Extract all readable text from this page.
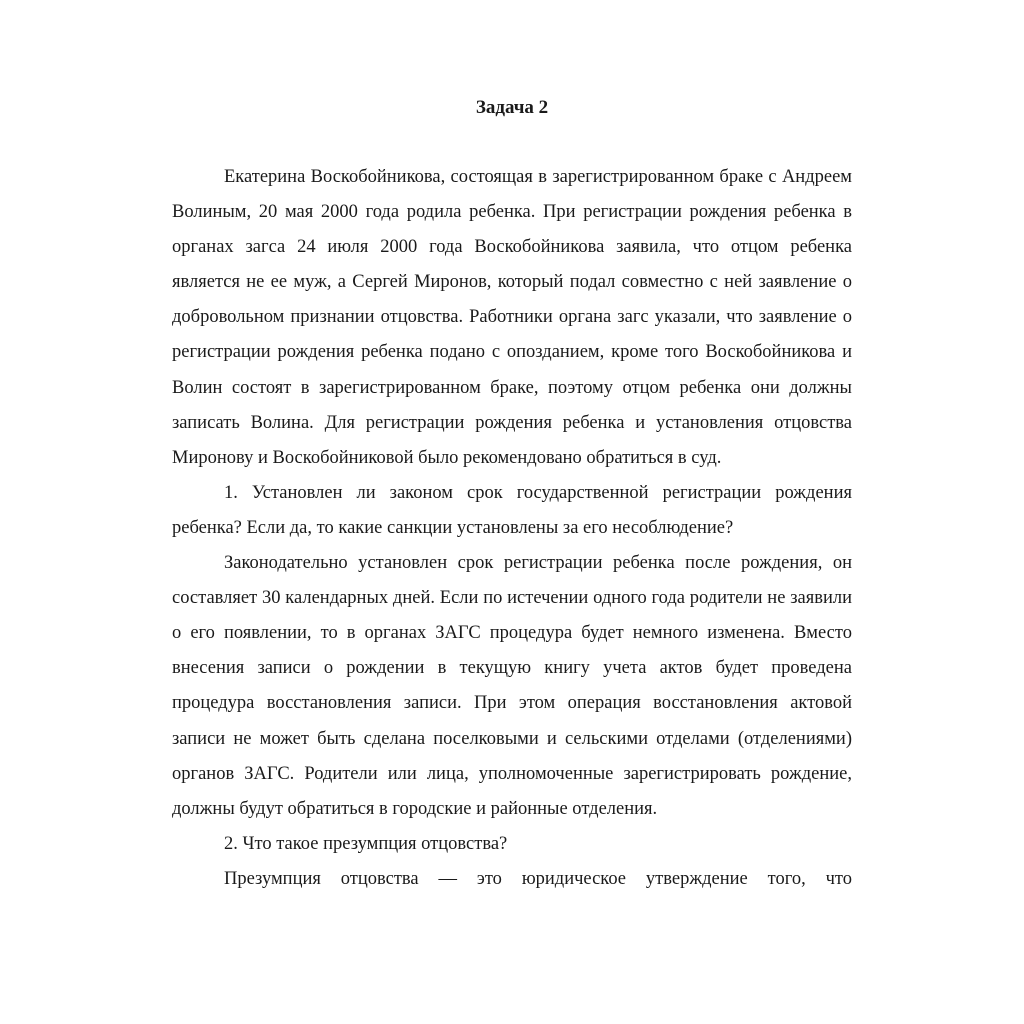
Задача 2

Екатерина Воскобойникова, состоящая в зарегистрированном браке с Андреем Волиным, 20 мая 2000 года родила ребенка. При регистрации рождения ребенка в органах загса 24 июля 2000 года Воскобойникова заявила, что отцом ребенка является не ее муж, а Сергей Миронов, который подал совместно с ней заявление о добровольном признании отцовства. Работники органа загс указали, что заявление о регистрации рождения ребенка подано с опозданием, кроме того Воскобойникова и Волин состоят в зарегистрированном браке, поэтому отцом ребенка они должны записать Волина. Для регистрации рождения ребенка и установления отцовства Миронову и Воскобойниковой было рекомендовано обратиться в суд.

1. Установлен ли законом срок государственной регистрации рождения ребенка? Если да, то какие санкции установлены за его несоблюдение?

Законодательно установлен срок регистрации ребенка после рождения, он составляет 30 календарных дней. Если по истечении одного года родители не заявили о его появлении, то в органах ЗАГС процедура будет немного изменена. Вместо внесения записи о рождении в текущую книгу учета актов будет проведена процедура восстановления записи. При этом операция восстановления актовой записи не может быть сделана поселковыми и сельскими отделами (отделениями) органов ЗАГС. Родители или лица, уполномоченные зарегистрировать рождение, должны будут обратиться в городские и районные отделения.

2. Что такое презумпция отцовства?

Презумпция отцовства — это юридическое утверждение того, что
